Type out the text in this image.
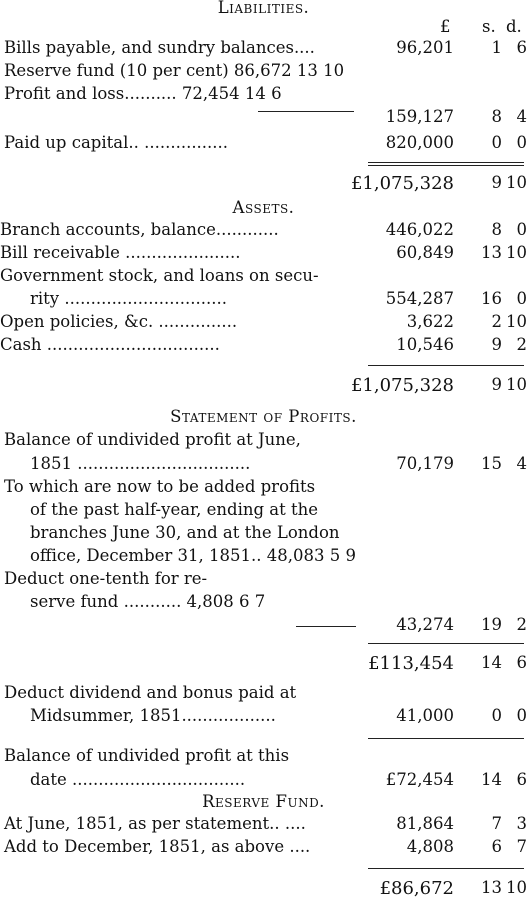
Liabilities.
£ s. d.
Bills payable, and sundry balances....	96,201	1 6
Reserve fund (10 per cent) 86,672 13 10
Profit and loss.......... 72,454 14 6
159,127	8 4
Paid up capital.. ................	820,000	0 0
£1,075,328	9 10
Assets.
Branch accounts, balance............	446,022	8 0
Bill receivable ......................	60,849	13 10
Government stock, and loans on secu-
rity ...............................	554,287	16 0
Open policies, &c. ...............	3,622	2 10
Cash .................................	10,546	9 2
£1,075,328	9 10
Statement of Profits.
Balance of undivided profit at June,
1851 .................................	70,179	15 4
To which are now to be added profits
of the past half-year, ending at the
branches June 30, and at the London
office, December 31, 1851.. 48,083 5 9
Deduct one-tenth for re-
serve fund ........... 4,808 6 7
43,274	19 2
£113,454	14 6
Deduct dividend and bonus paid at
Midsummer, 1851..................	41,000	0 0
Balance of undivided profit at this
date .................................	£72,454	14 6
Reserve Fund.
At June, 1851, as per statement.. ....	81,864	7 3
Add to December, 1851, as above ....	4,808	6 7
£86,672	13 10
